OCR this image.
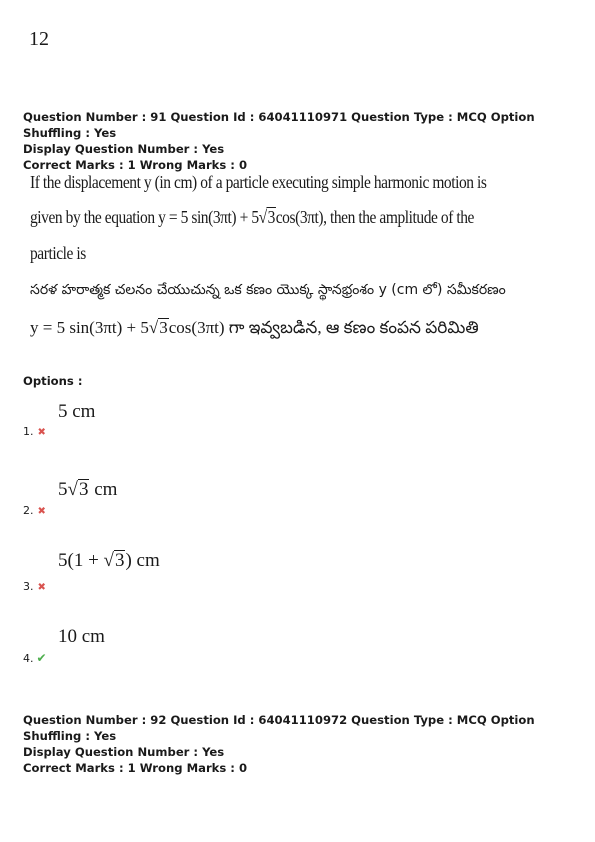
12
Question Number : 91 Question Id : 64041110971 Question Type : MCQ Option Shuffling : Yes
Display Question Number : Yes
Correct Marks : 1 Wrong Marks : 0
If the displacement y (in cm) of a particle executing simple harmonic motion is
given by the equation y = 5 sin(3πt) + 5√3cos(3πt), then the amplitude of the
particle is
సరళ హరాత్మక చలనం చేయుచున్న ఒక కణం యొక్క స్థానభ్రంశం y (cm లో) సమీకరణం
y = 5 sin(3πt) + 5√3cos(3πt) గా ఇవ్వబడిన, ఆ కణం కంపన పరిమితి
Options :
5 cm
1. ✖
5√3 cm
2. ✖
5(1 + √3) cm
3. ✖
10 cm
4. ✔
Question Number : 92 Question Id : 64041110972 Question Type : MCQ Option Shuffling : Yes
Display Question Number : Yes
Correct Marks : 1 Wrong Marks : 0
